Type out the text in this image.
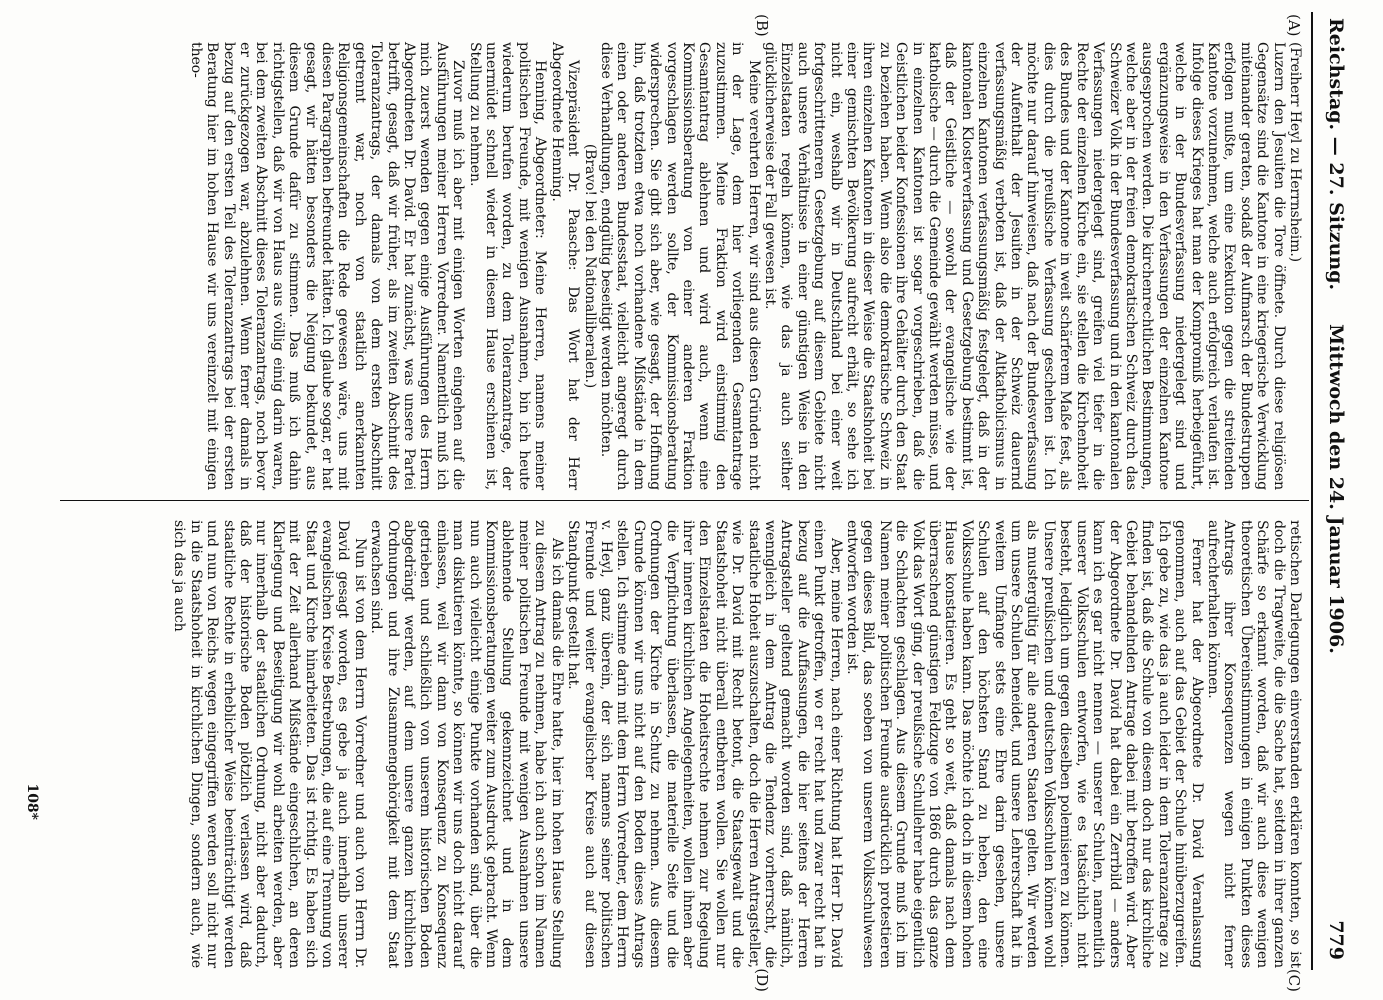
Reichstag. — 27. Sitzung.
Mittwoch den 24. Januar 1906.
779
(A)
(B)
(C)
(D)

(Freiherr Heyl zu Herrnsheim.)

Luzern den Jesuiten die Tore öffnete. Durch diese religiösen Gegensätze sind die Kantone in eine kriegerische Verwicklung miteinander geraten, sodaß der Aufmarsch der Bundestruppen erfolgen mußte, um eine Exekution gegen die streitenden Kantone vorzunehmen, welche auch erfolgreich verlaufen ist. Infolge dieses Krieges hat man der Kompromiß herbeigeführt, welche in der Bundesverfassung niedergelegt sind und ergänzungsweise in den Verfassungen der einzelnen Kantone ausgesprochen werden. Die kirchenrechtlichen Bestimmungen, welche aber in der freien demokratischen Schweiz durch das Schweizer Volk in der Bundesverfassung und in den kantonalen Verfassungen niedergelegt sind, greifen viel tiefer in die Rechte der einzelnen Kirche ein, sie stellen die Kirchenhoheit des Bundes und der Kantone in weit schärferem Maße fest, als dies durch die preußische Verfassung geschehen ist. Ich möchte nur darauf hinweisen, daß nach der Bundesverfassung der Aufenthalt der Jesuiten in der Schweiz dauernd verfassungsmäßig verboten ist, daß der Altkatholicismus in einzelnen Kantonen verfassungsmäßig festgelegt, daß in der kantonalen Klosterverfassung und Gesetzgebung bestimmt ist, daß der Geistliche — sowohl der evangelische wie der katholische — durch die Gemeinde gewählt werden müsse, und in einzelnen Kantonen ist sogar vorgeschrieben, daß die Geistlichen beider Konfessionen ihre Gehälter durch den Staat zu beziehen haben. Wenn also die demokratische Schweiz in ihren einzelnen Kantonen in dieser Weise die Staatshoheit bei einer gemischten Bevölkerung aufrecht erhält, so sehe ich nicht ein, weshalb wir in Deutschland bei einer weit fortgeschritteneren Gesetzgebung auf diesem Gebiete nicht auch unsere Verhältnisse in einer günstigen Weise in den Einzelstaaten regeln können, wie das ja auch seither glücklicherweise der Fall gewesen ist.

Meine verehrten Herren, wir sind aus diesen Gründen nicht in der Lage, dem hier vorliegenden Gesamtantrage zuzustimmen. Meine Fraktion wird einstimmig den Gesamtantrag ablehnen und wird auch, wenn eine Kommissionsberatung von einer anderen Fraktion vorgeschlagen werden sollte, der Kommissionsberatung widersprechen. Sie gibt sich aber, wie gesagt, der Hoffnung hin, daß trotzdem etwa noch vorhandene Mißstände in dem einen oder anderen Bundesstaat, vielleicht angeregt durch diese Verhandlungen, endgültig beseitigt werden möchten.

(Bravo! bei den Nationalliberalen.)

Vizepräsident Dr. Paasche: Das Wort hat der Herr Abgeordnete Henning.

Henning, Abgeordneter: Meine Herren, namens meiner politischen Freunde, mit wenigen Ausnahmen, bin ich heute wiederum berufen worden, zu dem Toleranzantrage, der unermüdet schnell wieder in diesem Hause erschienen ist, Stellung zu nehmen.

Zuvor muß ich aber mit einigen Worten eingehen auf die Ausführungen meiner Herren Vorredner. Namentlich muß ich mich zuerst wenden gegen einige Ausführungen des Herrn Abgeordneten Dr. David. Er hat zunächst, was unsere Partei betrifft, gesagt, daß wir früher, als im zweiten Abschnitt des Toleranzantrags, der damals von dem ersten Abschnitt getrennt war, noch von staatlich anerkannten Religionsgemeinschaften die Rede gewesen wäre, uns mit diesen Paragraphen befreundet hätten. Ich glaube sogar, er hat gesagt, wir hätten besonders die Neigung bekundet, aus diesem Grunde dafür zu stimmen. Das muß ich dahin richtigstellen, daß wir von Haus aus völlig einig darin waren, bei dem zweiten Abschnitt dieses Toleranzantrags, noch bevor er zurückgezogen war, abzulehnen. Wenn ferner damals in bezug auf den ersten Teil des Toleranzantrags bei der ersten Beratung hier im hohen Hause wir uns vereinzelt mit einigen theo-

retischen Darlegungen einverstanden erklären konnten, so ist doch die Tragweite, die die Sache hat, seitdem in ihrer ganzen Schärfe so erkannt worden, daß wir auch diese wenigen theoretischen Übereinstimmungen in einigen Punkten dieses Antrags ihrer Konsequenzen wegen nicht ferner aufrechterhalten können.

Ferner hat der Abgeordnete Dr. David Veranlassung genommen, auch auf das Gebiet der Schule hinüberzugreifen. Ich gebe zu, wie das ja auch leider in dem Toleranzantrage zu finden ist, daß die Schule von diesem doch nur das kirchliche Gebiet behandelnden Antrage dabei mit betroffen wird. Aber der Abgeordnete Dr. David hat dabei ein Zerrbild — anders kann ich es gar nicht nennen — unserer Schulen, namentlich unserer Volksschulen entworfen, wie es tatsächlich nicht besteht, lediglich um gegen dieselben polemisieren zu können. Unsere preußischen und deutschen Volksschulen können wohl als mustergültig für alle anderen Staaten gelten. Wir werden um unsere Schulen beneidet, und unsere Lehrerschaft hat in weitem Umfange stets eine Ehre darin gesehen, unsere Schulen auf den höchsten Stand zu heben, den eine Volksschule haben kann. Das möchte ich doch in diesem hohen Hause konstatieren. Es geht so weit, daß damals nach dem überraschend günstigen Feldzuge von 1866 durch das ganze Volk das Wort ging, der preußische Schullehrer habe eigentlich die Schlachten geschlagen. Aus diesem Grunde muß ich im Namen meiner politischen Freunde ausdrücklich protestieren gegen dieses Bild, das soeben von unserem Volksschulwesen entworfen worden ist.

Aber, meine Herren, nach einer Richtung hat Herr Dr. David einen Punkt getroffen, wo er recht hat und zwar recht hat in bezug auf die Auffassungen, die hier seitens der Herren Antragsteller geltend gemacht worden sind, daß nämlich, wenngleich in dem Antrag die Tendenz vorherrscht, die staatliche Hoheit auszuschalten, doch die Herren Antragsteller, wie Dr. David mit Recht betont, die Staatsgewalt und die Staatshoheit nicht überall entbehren wollen. Sie wollen nur den Einzelstaaten die Hoheitsrechte nehmen zur Regelung ihrer inneren kirchlichen Angelegenheiten, wollen ihnen aber die Verpflichtung überlassen, die materielle Seite und die Ordnungen der Kirche in Schutz zu nehmen. Aus diesem Grunde können wir uns nicht auf den Boden dieses Antrags stellen. Ich stimme darin mit dem Herrn Vorredner, dem Herrn v. Heyl, ganz überein, der sich namens seiner politischen Freunde und weiter evangelischer Kreise auch auf diesen Standpunkt gestellt hat.

Als ich damals die Ehre hatte, hier im hohen Hause Stellung zu diesem Antrag zu nehmen, habe ich auch schon im Namen meiner politischen Freunde mit wenigen Ausnahmen unsere ablehnende Stellung gekennzeichnet und in dem Kommissionsberatungen weiter zum Ausdruck gebracht. Wenn nun auch vielleicht einige Punkte vorhanden sind, über die man diskutieren könnte, so können wir uns doch nicht darauf einlassen, weil wir dann von Konsequenz zu Konsequenz getrieben und schließlich von unserem historischen Boden abgedrängt werden, auf dem unsere ganzen kirchlichen Ordnungen und ihre Zusammengehörigkeit mit dem Staat erwachsen sind.

Nun ist von dem Herrn Vorredner und auch von Herrn Dr. David gesagt worden, es gebe ja auch innerhalb unserer evangelischen Kreise Bestrebungen, die auf eine Trennung von Staat und Kirche hinarbeiteten. Das ist richtig. Es haben sich mit der Zeit allerhand Mißstände eingeschlichen, an deren Klarlegung und Beseitigung wir wohl arbeiten werden, aber nur innerhalb der staatlichen Ordnung, nicht aber dadurch, daß der historische Boden plötzlich verlassen wird, daß staatliche Rechte in erheblicher Weise beeinträchtigt werden und nun von Reichs wegen eingegriffen werden soll nicht nur in die Staatshoheit in kirchlichen Dingen, sondern auch, wie sich das ja auch

108*
